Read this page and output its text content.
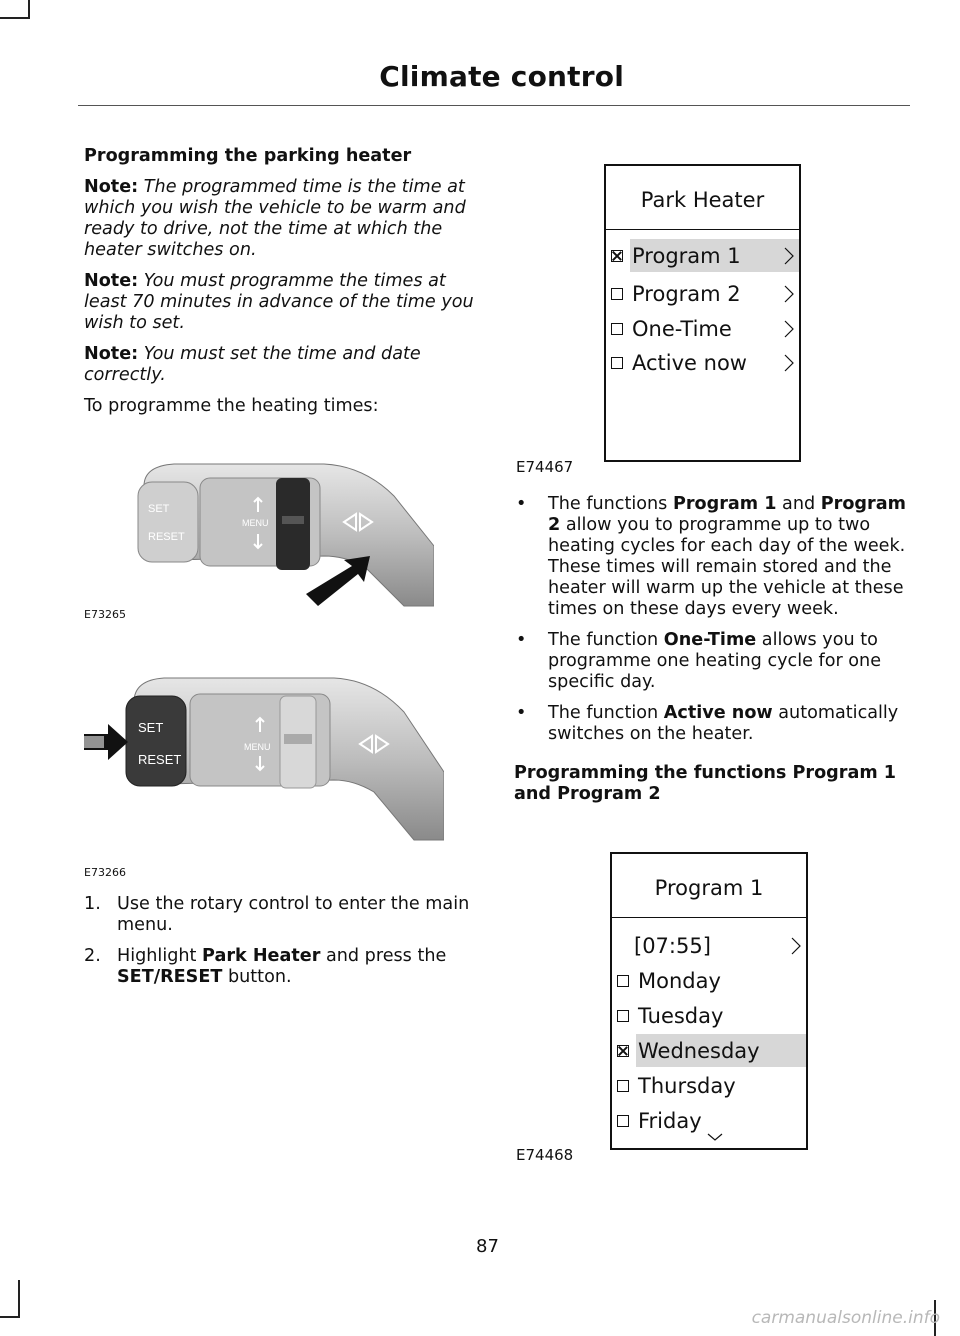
Climate control
Programming the parking heater

Note: The programmed time is the time at which you wish the vehicle to be warm and ready to drive, not the time at which the heater switches on.

Note: You must programme the times at least 70 minutes in advance of the time you wish to set.

Note: You must set the time and date correctly.

To programme the heating times:

SET
RESET
MENU
E73265
SET
RESET
MENU
E73266
1. Use the rotary control to enter the main menu.
2. Highlight Park Heater and press the SET/RESET button.
Park Heater
Program 1
Program 2
One-Time
Active now
E74467
•	The functions Program 1 and Program 2 allow you to programme up to two heating cycles for each day of the week. These times will remain stored and the heater will warm up the vehicle at these times on these days every week.
•	The function One-Time allows you to programme one heating cycle for one specific day.
•	The function Active now automatically switches on the heater.
Programming the functions Program 1 and Program 2
Program 1
[07:55]
Monday
Tuesday
Wednesday
Thursday
Friday
E74468
87
carmanualsonline.info
